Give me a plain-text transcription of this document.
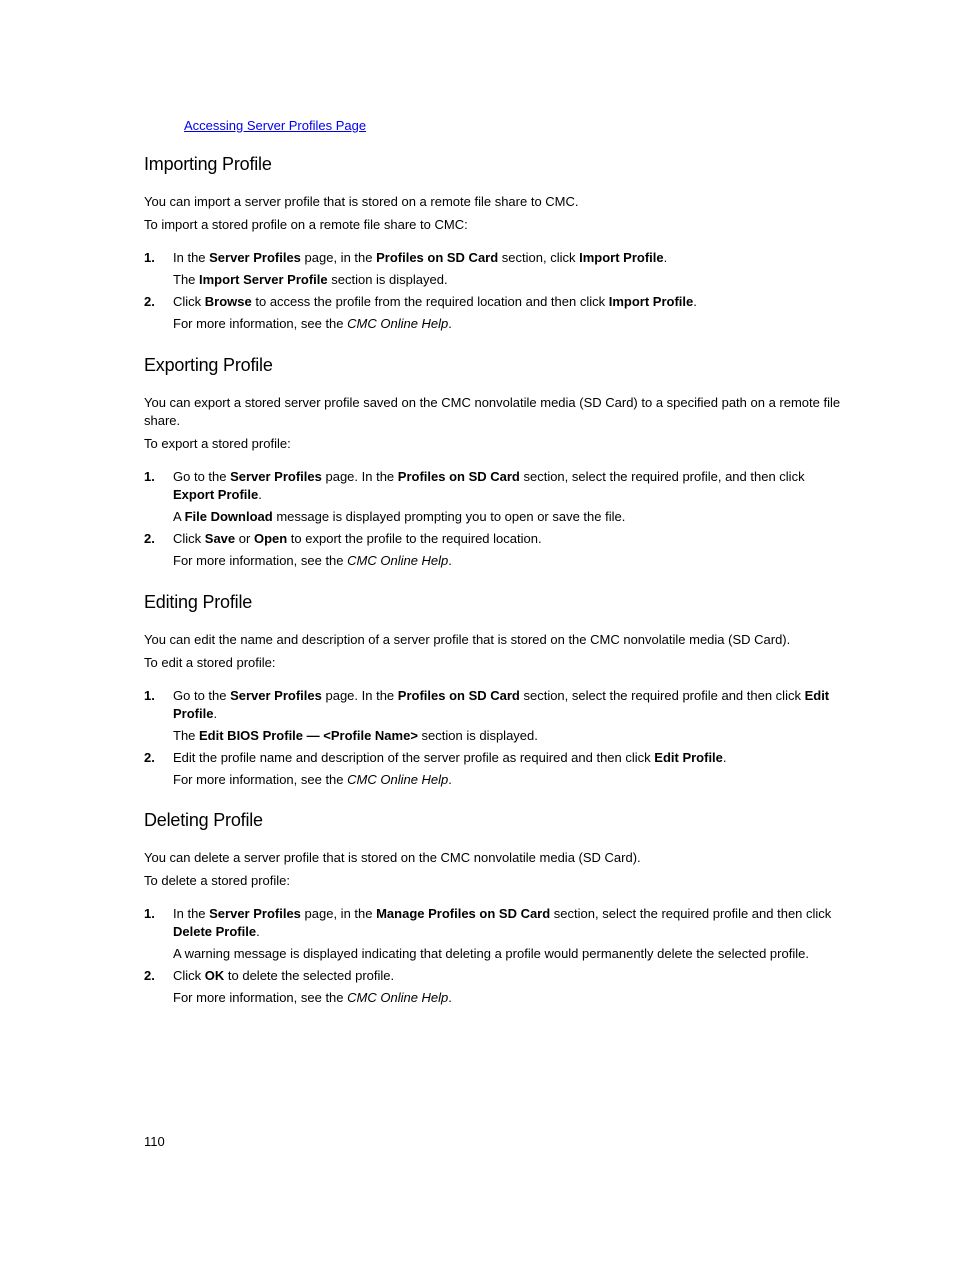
Accessing Server Profiles Page
Importing Profile

You can import a server profile that is stored on a remote file share to CMC.

To import a stored profile on a remote file share to CMC:

1. In the Server Profiles page, in the Profiles on SD Card section, click Import Profile.
The Import Server Profile section is displayed.
2. Click Browse to access the profile from the required location and then click Import Profile.
For more information, see the CMC Online Help.
Exporting Profile

You can export a stored server profile saved on the CMC nonvolatile media (SD Card) to a specified path on a remote file share.

To export a stored profile:

1. Go to the Server Profiles page. In the Profiles on SD Card section, select the required profile, and then click Export Profile.
A File Download message is displayed prompting you to open or save the file.
2. Click Save or Open to export the profile to the required location.
For more information, see the CMC Online Help.
Editing Profile

You can edit the name and description of a server profile that is stored on the CMC nonvolatile media (SD Card).

To edit a stored profile:

1. Go to the Server Profiles page. In the Profiles on SD Card section, select the required profile and then click Edit Profile.
The Edit BIOS Profile — <Profile Name> section is displayed.
2. Edit the profile name and description of the server profile as required and then click Edit Profile.
For more information, see the CMC Online Help.
Deleting Profile

You can delete a server profile that is stored on the CMC nonvolatile media (SD Card).

To delete a stored profile:

1. In the Server Profiles page, in the Manage Profiles on SD Card section, select the required profile and then click Delete Profile.
A warning message is displayed indicating that deleting a profile would permanently delete the selected profile.
2. Click OK to delete the selected profile.
For more information, see the CMC Online Help.
110
